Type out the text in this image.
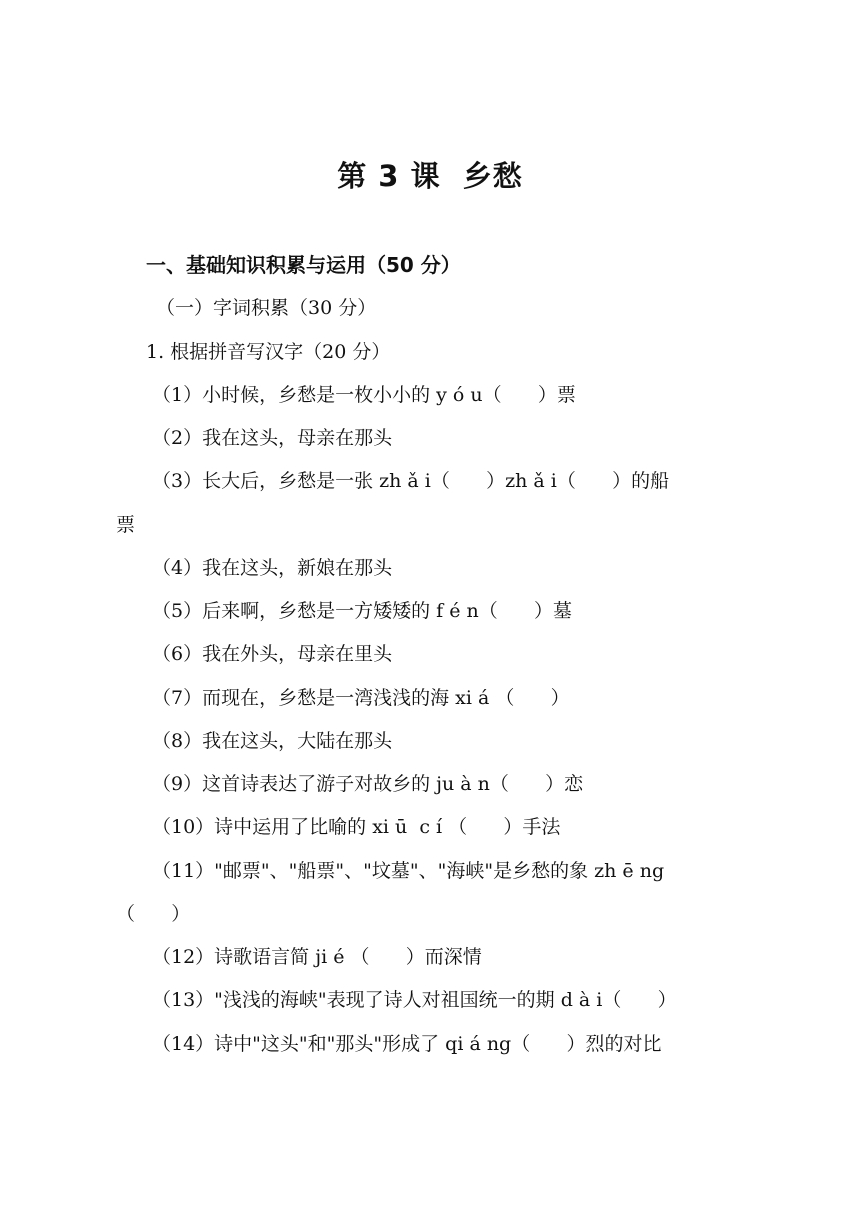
第 3 课  乡愁
一、基础知识积累与运用（50 分）
（一）字词积累（30 分）
1. 根据拼音写汉字（20 分）
（1）小时候，乡愁是一枚小小的 y ó u（      ）票
（2）我在这头，母亲在那头
（3）长大后，乡愁是一张 zh ǎ i（      ）zh ǎ i（      ）的船
票
（4）我在这头，新娘在那头
（5）后来啊，乡愁是一方矮矮的 f é n（      ）墓
（6）我在外头，母亲在里头
（7）而现在，乡愁是一湾浅浅的海 xi á （      ）
（8）我在这头，大陆在那头
（9）这首诗表达了游子对故乡的 ju à n（      ）恋
（10）诗中运用了比喻的 xi ū  c í （      ）手法
（11）"邮票"、"船票"、"坟墓"、"海峡"是乡愁的象 zh ē ng
（      ）
（12）诗歌语言简 ji é （      ）而深情
（13）"浅浅的海峡"表现了诗人对祖国统一的期 d à i（      ）
（14）诗中"这头"和"那头"形成了 qi á ng（      ）烈的对比
